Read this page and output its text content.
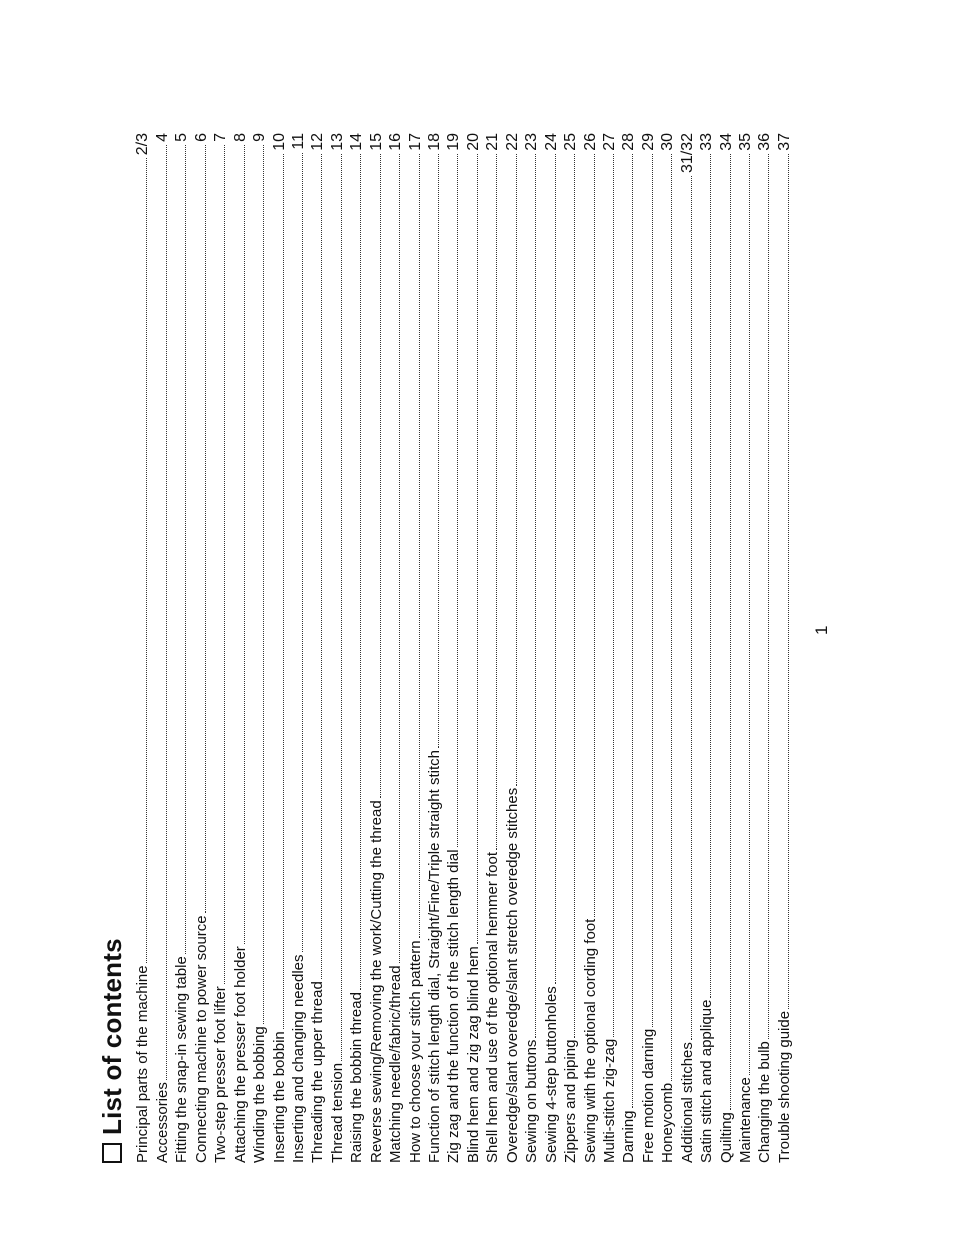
List of contents Principal parts of the machine
2/3
Accessories
4
Fitting the snap-in sewing table
5
Connecting machine to power source
6
Two-step presser foot lifter
7
Attaching the presser foot holder
8
Winding the bobbing
9
Inserting the bobbin
10
Inserting and changing needles
11
Threading the upper thread
12
Thread tension
13
Raising the bobbin thread
14
Reverse sewing/Removing the work/Cutting the thread
15
Matching needle/fabric/thread
16
How to choose your stitch pattern
17
Function of stitch length dial, Straight/Fine/Triple straight stitch
18
Zig zag and the function of the stitch length dial
19
Blind hem and zig zag blind hem
20
Shell hem and use of the optional hemmer foot
21
Overedge/slant overedge/slant stretch overedge stitches
22
Sewing on buttons
23
Sewing 4-step buttonholes
24
Zippers and piping
25
Sewing with the optional cording foot
26
Multi-stitch zig-zag
27
Darning
28
Free motion darning
29
Honeycomb
30
Additional stitches
31/32
Satin stitch and applique
33
Quilting
34
Maintenance
35
Changing the bulb
36
Trouble shooting guide
37
1
